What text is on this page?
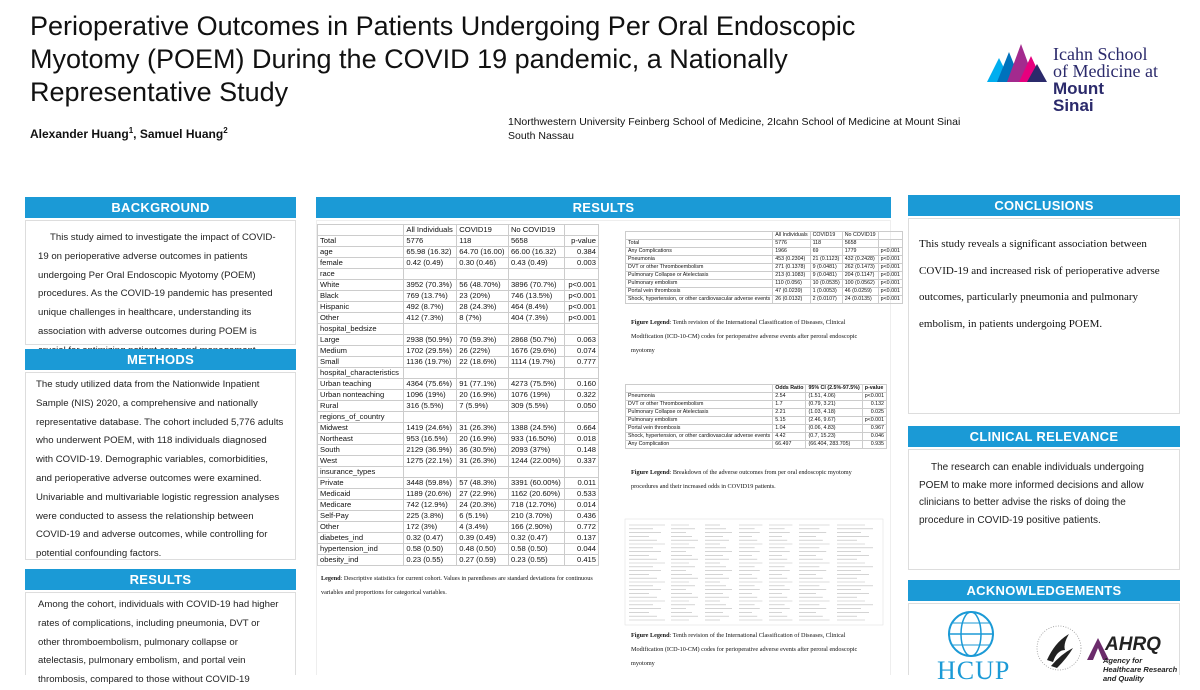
Perioperative Outcomes in Patients Undergoing Per Oral Endoscopic Myotomy (POEM) During the COVID 19 pandemic, a Nationally Representative Study
Alexander Huang$^1$, Samuel Huang$^2$
1Northwestern University Feinberg School of Medicine, 2Icahn School of Medicine at Mount Sinai South Nassau
Icahn School
of Medicine at
Mount
Sinai
BACKGROUND
This study aimed to investigate the impact of COVID-19 on perioperative adverse outcomes in patients undergoing Per Oral Endoscopic Myotomy (POEM) procedures. As the COVID-19 pandemic has presented unique challenges in healthcare, understanding its association with adverse outcomes during POEM is
METHODS
The study utilized data from the Nationwide Inpatient Sample (NIS) 2020, a comprehensive and nationally representative database. The cohort included 5,776 adults who underwent POEM, with 118 individuals diagnosed with COVID-19. Demographic variables, comorbidities, and perioperative adverse outcomes were examined. Univariable and multivariable logistic regression analyses were conducted to assess the relationship between COVID-19 and adverse outcomes, while controlling for potential confounding factors.
RESULTS
Among the cohort, individuals with COVID-19 had higher rates of complications, including pneumonia, DVT or other thromboembolism, pulmonary collapse or atelectasis, pulmonary embolism, and portal vein thrombosis, compared to those without COVID-19
RESULTS
	All Individuals	COVID19	No COVID19	
Total	5776	118	5658	p-value
age	65.98 (16.32)	64.70 (16.00)	66.00 (16.32)	0.384
female	0.42 (0.49)	0.30 (0.46)	0.43 (0.49)	0.003
race				
White	3952 (70.3%)	56 (48.70%)	3896 (70.7%)	p<0.001
Black	769 (13.7%)	23 (20%)	746 (13.5%)	p<0.001
Hispanic	492 (8.7%)	28 (24.3%)	464 (8.4%)	p<0.001
Other	412 (7.3%)	8 (7%)	404 (7.3%)	p<0.001
hospital_bedsize				
Large	2938 (50.9%)	70 (59.3%)	2868 (50.7%)	0.063
Medium	1702 (29.5%)	26 (22%)	1676 (29.6%)	0.074
Small	1136 (19.7%)	22 (18.6%)	1114 (19.7%)	0.777
hospital_characteristics				
Urban teaching	4364 (75.6%)	91 (77.1%)	4273 (75.5%)	0.160
Urban nonteaching	1096 (19%)	20 (16.9%)	1076 (19%)	0.322
Rural	316 (5.5%)	7 (5.9%)	309 (5.5%)	0.050
regions_of_country				
Midwest	1419 (24.6%)	31 (26.3%)	1388 (24.5%)	0.664
Northeast	953 (16.5%)	20 (16.9%)	933 (16.50%)	0.018
South	2129 (36.9%)	36 (30.5%)	2093 (37%)	0.148
West	1275 (22.1%)	31 (26.3%)	1244 (22.00%)	0.337
insurance_types				
Private	3448 (59.8%)	57 (48.3%)	3391 (60.00%)	0.011
Medicaid	1189 (20.6%)	27 (22.9%)	1162 (20.60%)	0.533
Medicare	742 (12.9%)	24 (20.3%)	718 (12.70%)	0.014
Self-Pay	225 (3.8%)	6 (5.1%)	210 (3.70%)	0.436
Other	172 (3%)	4 (3.4%)	166 (2.90%)	0.772
diabetes_ind	0.32 (0.47)	0.39 (0.49)	0.32 (0.47)	0.137
hypertension_ind	0.58 (0.50)	0.48 (0.50)	0.58 (0.50)	0.044
obesity_ind	0.23 (0.55)	0.27 (0.59)	0.23 (0.55)	0.415
Legend: Descriptive statistics for current cohort. Values in parentheses are standard deviations for continuous variables and proportions for categorical variables.
	All Individuals	COVID19	No COVID19	
Total	5776	118	5658	
Any Complications	1966	69	1779	p<0.001
Pneumonia	453 (0.2304)	21 (0.1123)	432 (0.2428)	p<0.001
DVT or other Thromboembolism	271 (0.1378)	9 (0.0481)	262 (0.1473)	p<0.001
Pulmonary Collapse or Atelectasis	213 (0.1083)	9 (0.0481)	204 (0.1147)	p<0.001
Pulmonary embolism	110 (0.056)	10 (0.0535)	100 (0.0562)	p<0.001
Portal vein thrombosis	47 (0.0239)	1 (0.0053)	46 (0.0259)	p<0.001
Shock, hypertension, or other cardiovascular adverse events	26 (0.0132)	2 (0.0107)	24 (0.0135)	p<0.001
Figure Legend: Tenth revision of the International Classification of Diseases, Clinical Modification (ICD-10-CM) codes for perioperative adverse events after peroral endoscopic myotomy
	Odds Ratio	95% CI (2.5%-97.5%)	p-value
Pneumonia	2.54	(1.51, 4.06)	p<0.001
DVT or other Thromboembolism	1.7	(0.79, 3.21)	0.132
Pulmonary Collapse or Atelectasis	2.21	(1.03, 4.18)	0.025
Pulmonary embolism	5.15	(2.46, 9.67)	p<0.001
Portal vein thrombosis	1.04	(0.06, 4.83)	0.967
Shock, hypertension, or other cardiovascular adverse events	4.42	(0.7, 15.23)	0.046
Any Complication	66.497	(66.404, 283.705)	0.935
Figure Legend: Breakdown of the adverse outcomes from per oral endoscopic myotomy procedures and their increased odds in COVID19 patients.
Figure Legend: Tenth revision of the International Classification of Diseases, Clinical Modification (ICD-10-CM) codes for perioperative adverse events after peroral endoscopic myotomy
CONCLUSIONS
This study reveals a significant association between COVID-19 and increased risk of perioperative adverse outcomes, particularly pneumonia and pulmonary embolism, in patients undergoing POEM.
CLINICAL RELEVANCE
The research can enable individuals undergoing POEM to make more informed decisions and allow clinicians to better advise the risks of doing the procedure in COVID-19 positive patients.
ACKNOWLEDGEMENTS
HCUP
AHRQ
Agency for Healthcare Research and Quality
